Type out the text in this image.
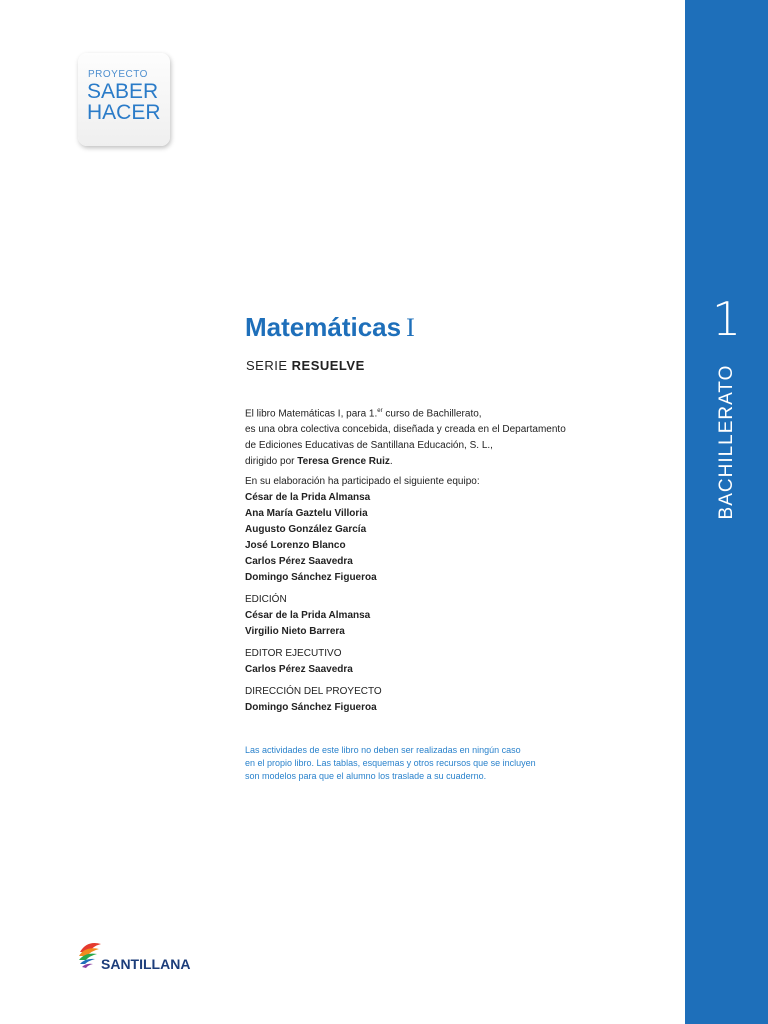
1
BACHILLERATO
PROYECTO
SABER
HACER
Matemáticas I
SERIE RESUELVE
El libro Matemáticas I, para 1.$^{er}$ curso de Bachillerato,
es una obra colectiva concebida, diseñada y creada en el Departamento
de Ediciones Educativas de Santillana Educación, S. L.,
dirigido por Teresa Grence Ruiz.
En su elaboración ha participado el siguiente equipo:
César de la Prida Almansa
Ana María Gaztelu Villoria
Augusto González García
José Lorenzo Blanco
Carlos Pérez Saavedra
Domingo Sánchez Figueroa
EDICIÓN
César de la Prida Almansa
Virgilio Nieto Barrera
EDITOR EJECUTIVO
Carlos Pérez Saavedra
DIRECCIÓN DEL PROYECTO
Domingo Sánchez Figueroa
Las actividades de este libro no deben ser realizadas en ningún caso
en el propio libro. Las tablas, esquemas y otros recursos que se incluyen
son modelos para que el alumno los traslade a su cuaderno.
SANTILLANA
